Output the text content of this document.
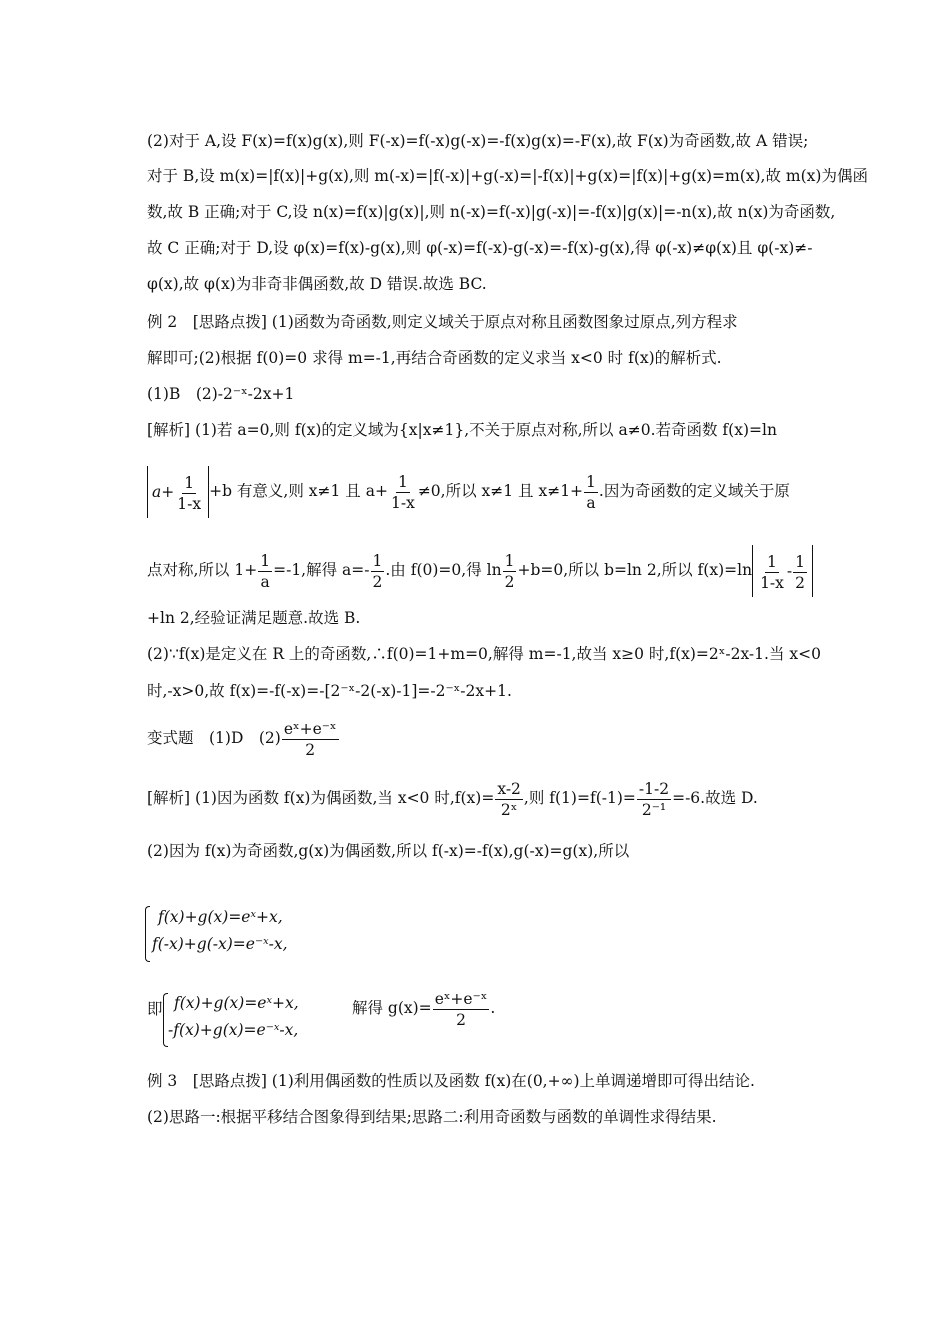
(2)对于 A,设 F(x)=f(x)g(x),则 F(-x)=f(-x)g(-x)=-f(x)g(x)=-F(x),故 F(x)为奇函数,故 A 错误;
对于 B,设 m(x)=|f(x)|+g(x),则 m(-x)=|f(-x)|+g(-x)=|-f(x)|+g(x)=|f(x)|+g(x)=m(x),故 m(x)为偶函
数,故 B 正确;对于 C,设 n(x)=f(x)|g(x)|,则 n(-x)=f(-x)|g(-x)|=-f(x)|g(x)|=-n(x),故 n(x)为奇函数,
故 C 正确;对于 D,设 φ(x)=f(x)-g(x),则 φ(-x)=f(-x)-g(-x)=-f(x)-g(x),得 φ(-x)≠φ(x)且 φ(-x)≠-
φ(x),故 φ(x)为非奇非偶函数,故 D 错误.故选 BC.
例 2　[思路点拨] (1)函数为奇函数,则定义域关于原点对称且函数图象过原点,列方程求
解即可;(2)根据 f(0)=0 求得 m=-1,再结合奇函数的定义求当 x<0 时 f(x)的解析式.
(1)B　(2)-2⁻ˣ-2x+1
[解析] (1)若 a=0,则 f(x)的定义域为{x|x≠1},不关于原点对称,所以 a≠0.若奇函数 f(x)=ln
$a+ \frac{1}{1-x} +b$ 有意义,则 x≠1 且 $a+ \frac{1}{1-x} \ne 0$,所以 x≠1 且 $x\ne 1+ \frac{1}{a}$ .因为奇函数的定义域关于原
点对称,所以 $1+ \frac{1}{a} =-1$,解得 $a=- \frac{1}{2}$ .由 f(0)=0,得 $\ln \frac{1}{2} +b=0$,所以 b=ln 2,所以 $f(x)=\ln \frac{1}{1-x} - \frac{1}{2}$
+ln 2,经验证满足题意.故选 B.
(2)∵f(x)是定义在 R 上的奇函数,∴f(0)=1+m=0,解得 m=-1,故当 x≥0 时,f(x)=2ˣ-2x-1.当 x<0
时,-x>0,故 f(x)=-f(-x)=-[2⁻ˣ-2(-x)-1]=-2⁻ˣ-2x+1.
变式题　(1)D　$(2) \frac{\text{eˣ+e⁻ˣ}}{2}$
[解析] (1)因为函数 f(x)为偶函数,当 x<0 时$,f(x)= \frac{x-2}{\text{2ˣ}}$ ,则 $f(1)=f(-1)= \frac{-1-2}{\text{2⁻¹}} =-6$.故选 D.
(2)因为 f(x)为奇函数,g(x)为偶函数,所以 f(-x)=-f(x),g(-x)=g(x),所以
f(x)+g(x)=eˣ+x,
f(-x)+g(-x)=e⁻ˣ-x,
即 f(x)+g(x)=eˣ+x,
-f(x)+g(x)=e⁻ˣ-x,
解得 $g(x)= \frac{\text{eˣ+e⁻ˣ}}{2}$ .
例 3　[思路点拨] (1)利用偶函数的性质以及函数 f(x)在(0,+∞)上单调递增即可得出结论.
(2)思路一:根据平移结合图象得到结果;思路二:利用奇函数与函数的单调性求得结果.
